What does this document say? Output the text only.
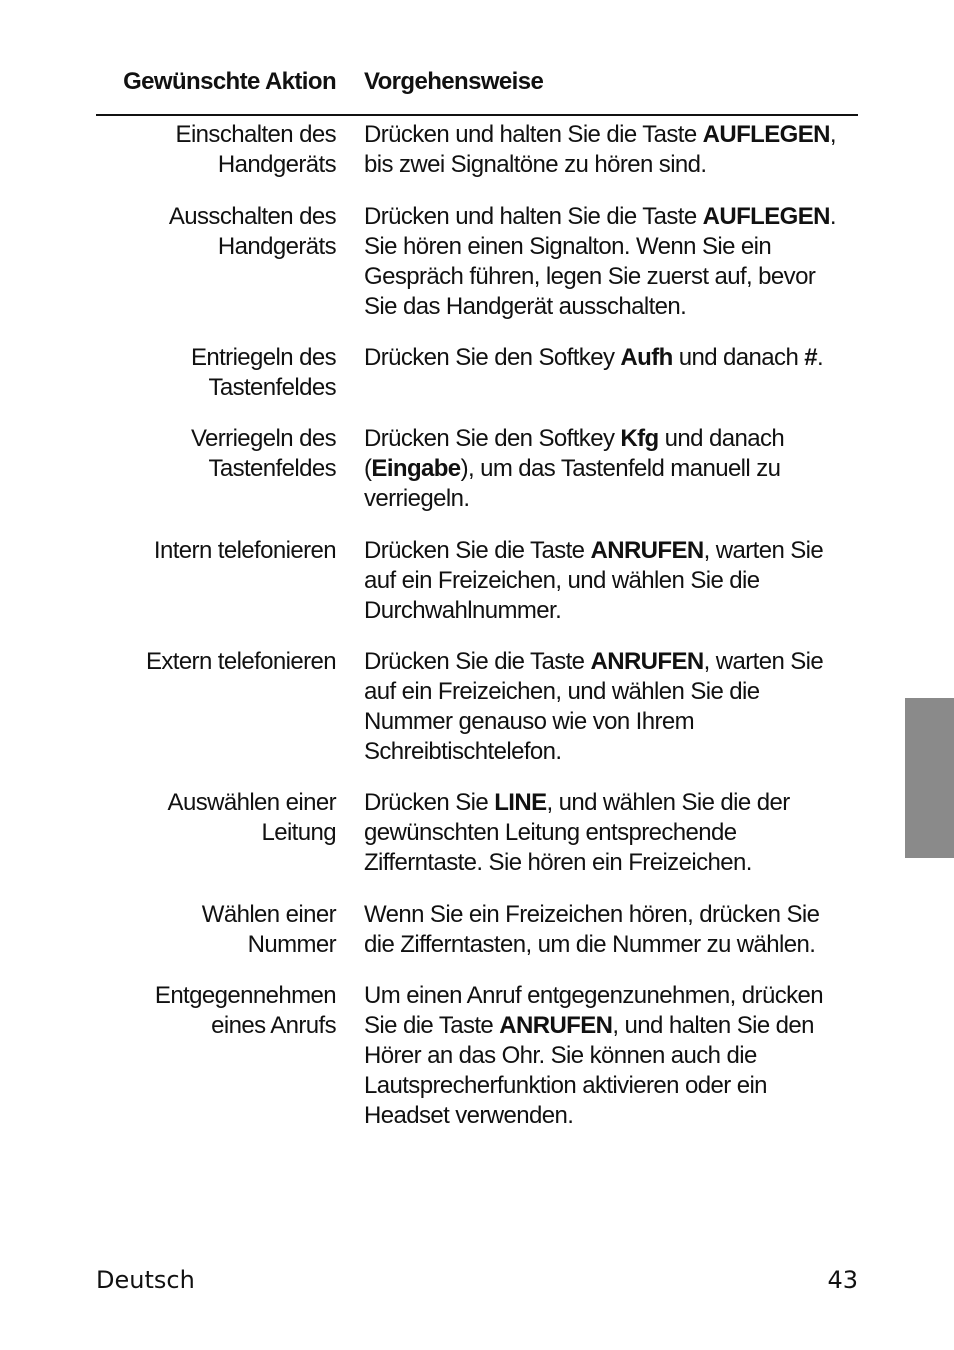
Gewünschte Aktion Vorgehensweise
Einschalten des
Handgeräts
Drücken und halten Sie die Taste AUFLEGEN,
bis zwei Signaltöne zu hören sind.
Ausschalten des
Handgeräts
Drücken und halten Sie die Taste AUFLEGEN.
Sie hören einen Signalton. Wenn Sie ein
Gespräch führen, legen Sie zuerst auf, bevor
Sie das Handgerät ausschalten.
Entriegeln des
Tastenfeldes
Drücken Sie den Softkey Aufh und danach #.
Verriegeln des
Tastenfeldes
Drücken Sie den Softkey Kfg und danach
(Eingabe), um das Tastenfeld manuell zu
verriegeln.
Intern telefonieren Drücken Sie die Taste ANRUFEN, warten Sie
auf ein Freizeichen, und wählen Sie die
Durchwahlnummer.
Extern telefonieren Drücken Sie die Taste ANRUFEN, warten Sie
auf ein Freizeichen, und wählen Sie die
Nummer genauso wie von Ihrem
Schreibtischtelefon.
Auswählen einer
Leitung
Drücken Sie LINE, und wählen Sie die der
gewünschten Leitung entsprechende
Zifferntaste. Sie hören ein Freizeichen.
Wählen einer
Nummer
Wenn Sie ein Freizeichen hören, drücken Sie
die Zifferntasten, um die Nummer zu wählen.
Entgegennehmen
eines Anrufs
Um einen Anruf entgegenzunehmen, drücken
Sie die Taste ANRUFEN, und halten Sie den
Hörer an das Ohr. Sie können auch die
Lautsprecherfunktion aktivieren oder ein
Headset verwenden.
Deutsch	43
